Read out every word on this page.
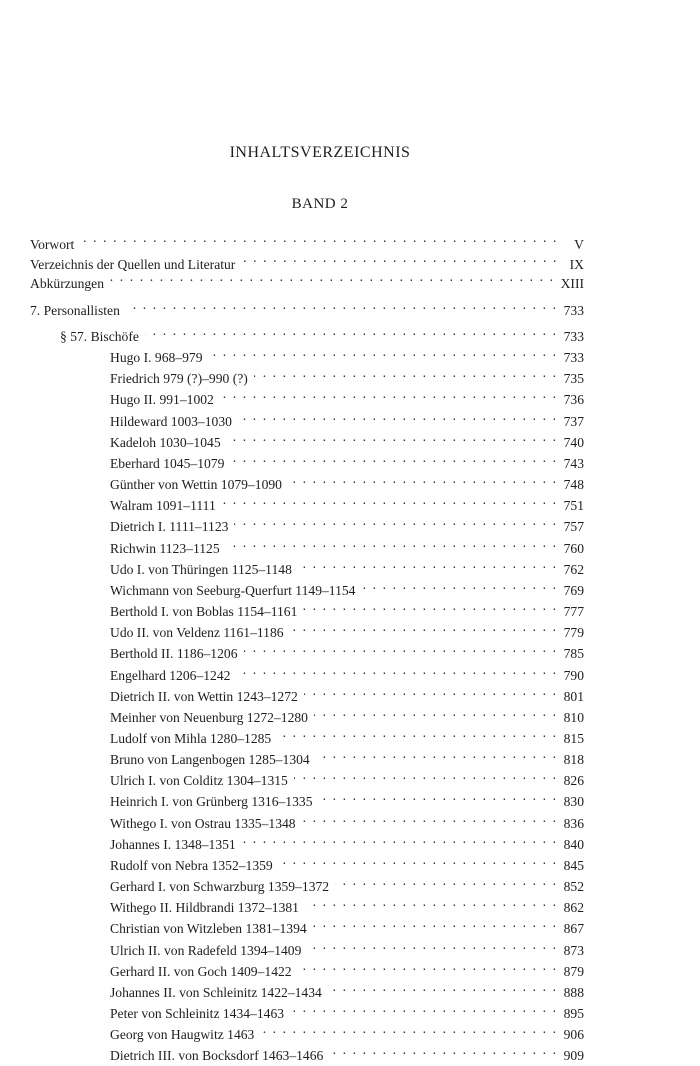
INHALTSVERZEICHNIS
BAND 2
Vorwort . . .	V
Verzeichnis der Quellen und Literatur . . .	IX
Abkürzungen . . .	XIII
7. Personallisten . . .	733
§ 57. Bischöfe . . .	733
Hugo I. 968–979 . . .	733
Friedrich 979 (?)–990 (?) . . .	735
Hugo II. 991–1002 . . .	736
Hildeward 1003–1030 . . .	737
Kadeloh 1030–1045 . . .	740
Eberhard 1045–1079 . . .	743
Günther von Wettin 1079–1090 . . .	748
Walram 1091–1111 . . .	751
Dietrich I. 1111–1123 . . .	757
Richwin 1123–1125 . . .	760
Udo I. von Thüringen 1125–1148 . . .	762
Wichmann von Seeburg-Querfurt 1149–1154 . . .	769
Berthold I. von Boblas 1154–1161 . . .	777
Udo II. von Veldenz 1161–1186 . . .	779
Berthold II. 1186–1206 . . .	785
Engelhard 1206–1242 . . .	790
Dietrich II. von Wettin 1243–1272 . . .	801
Meinher von Neuenburg 1272–1280 . . .	810
Ludolf von Mihla 1280–1285 . . .	815
Bruno von Langenbogen 1285–1304 . . .	818
Ulrich I. von Colditz 1304–1315 . . .	826
Heinrich I. von Grünberg 1316–1335 . . .	830
Withego I. von Ostrau 1335–1348 . . .	836
Johannes I. 1348–1351 . . .	840
Rudolf von Nebra 1352–1359 . . .	845
Gerhard I. von Schwarzburg 1359–1372 . . .	852
Withego II. Hildbrandi 1372–1381 . . .	862
Christian von Witzleben 1381–1394 . . .	867
Ulrich II. von Radefeld 1394–1409 . . .	873
Gerhard II. von Goch 1409–1422 . . .	879
Johannes II. von Schleinitz 1422–1434 . . .	888
Peter von Schleinitz 1434–1463 . . .	895
Georg von Haugwitz 1463 . . .	906
Dietrich III. von Bocksdorf 1463–1466 . . .	909
